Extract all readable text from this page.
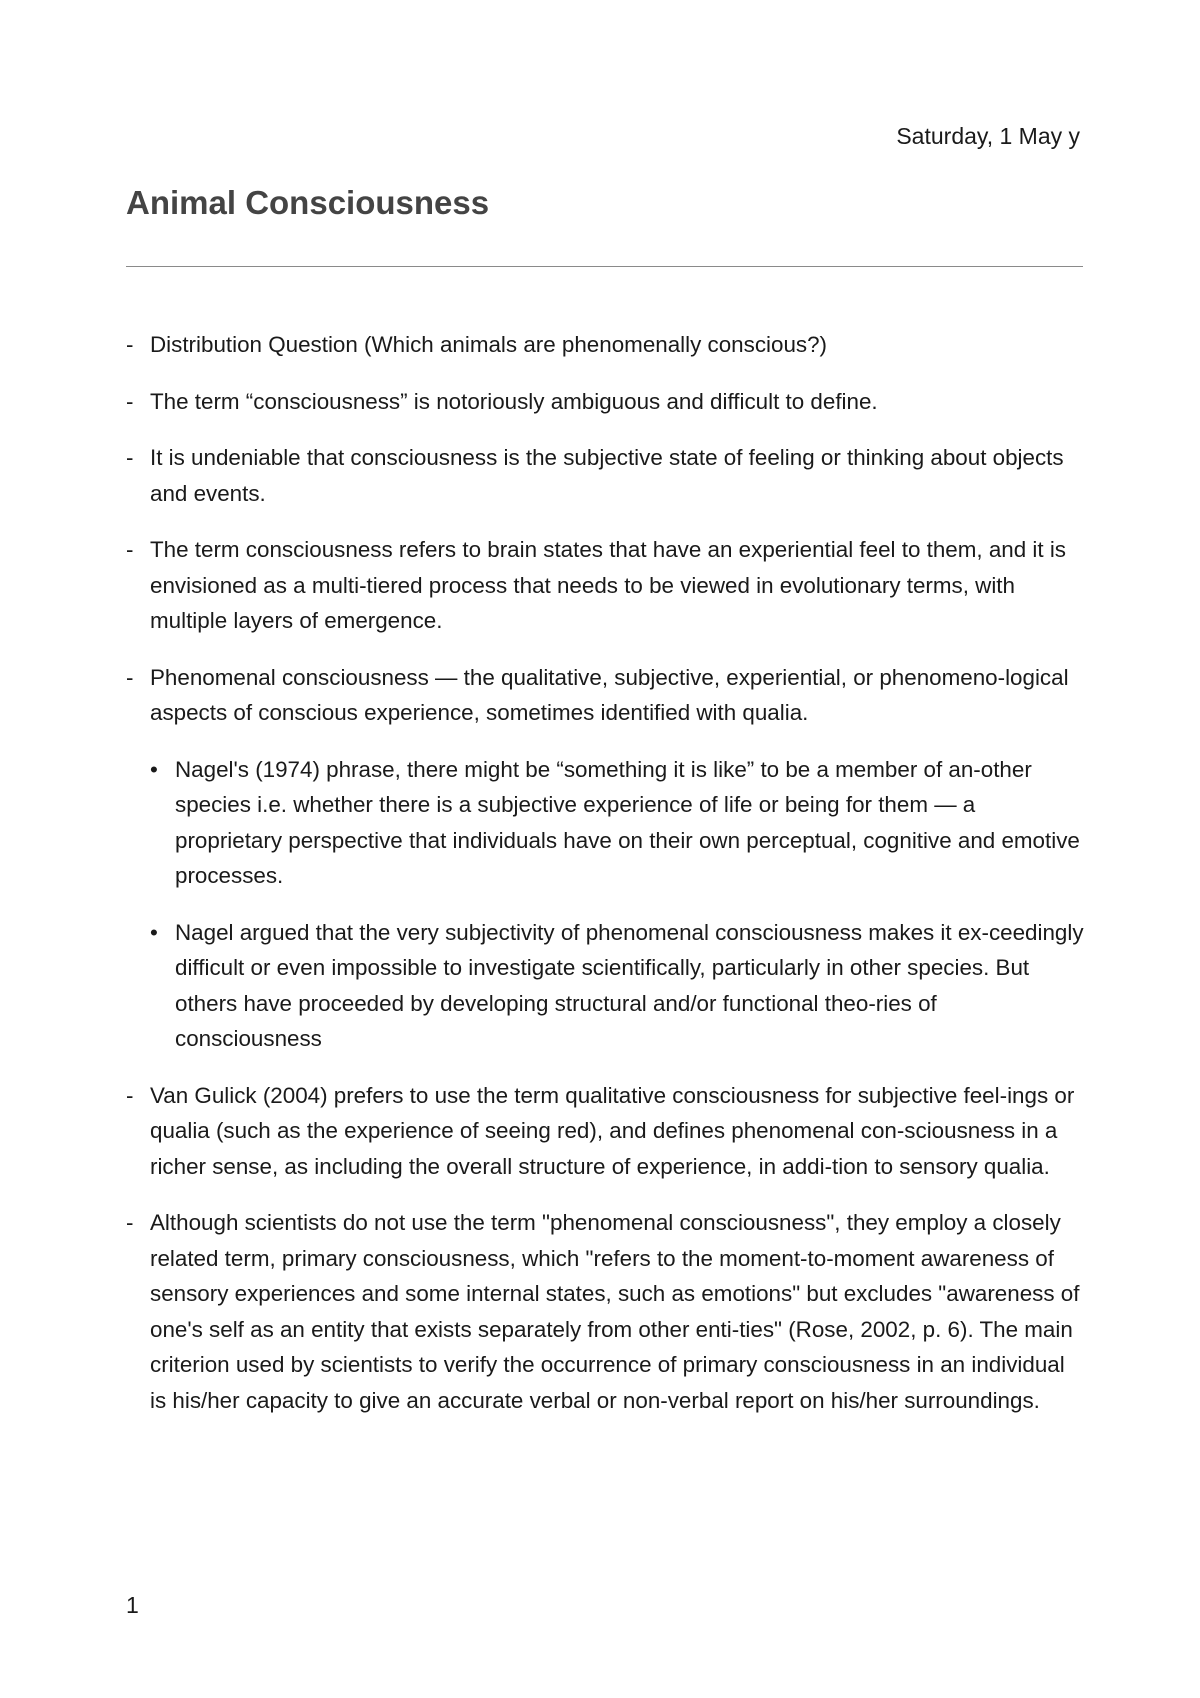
Saturday, 1 May y
Animal Consciousness
- Distribution Question (Which animals are phenomenally conscious?)
- The term “consciousness” is notoriously ambiguous and difficult to define.
- It is undeniable that consciousness is the subjective state of feeling or thinking about objects and events.
- The term consciousness refers to brain states that have an experiential feel to them, and it is envisioned as a multi-tiered process that needs to be viewed in evolutionary terms, with multiple layers of emergence.
- Phenomenal consciousness — the qualitative, subjective, experiential, or phenomeno-logical aspects of conscious experience, sometimes identified with qualia.
• Nagel's (1974) phrase, there might be “something it is like” to be a member of an-other species i.e. whether there is a subjective experience of life or being for them — a proprietary perspective that individuals have on their own perceptual, cognitive and emotive processes.
• Nagel argued that the very subjectivity of phenomenal consciousness makes it ex-ceedingly difficult or even impossible to investigate scientifically, particularly in other species. But others have proceeded by developing structural and/or functional theo-ries of consciousness
- Van Gulick (2004) prefers to use the term qualitative consciousness for subjective feel-ings or qualia (such as the experience of seeing red), and defines phenomenal con-sciousness in a richer sense, as including the overall structure of experience, in addi-tion to sensory qualia.
- Although scientists do not use the term "phenomenal consciousness", they employ a closely related term, primary consciousness, which "refers to the moment-to-moment awareness of sensory experiences and some internal states, such as emotions" but excludes "awareness of one's self as an entity that exists separately from other enti-ties" (Rose, 2002, p. 6). The main criterion used by scientists to verify the occurrence of primary consciousness in an individual is his/her capacity to give an accurate verbal or non-verbal report on his/her surroundings.
1
